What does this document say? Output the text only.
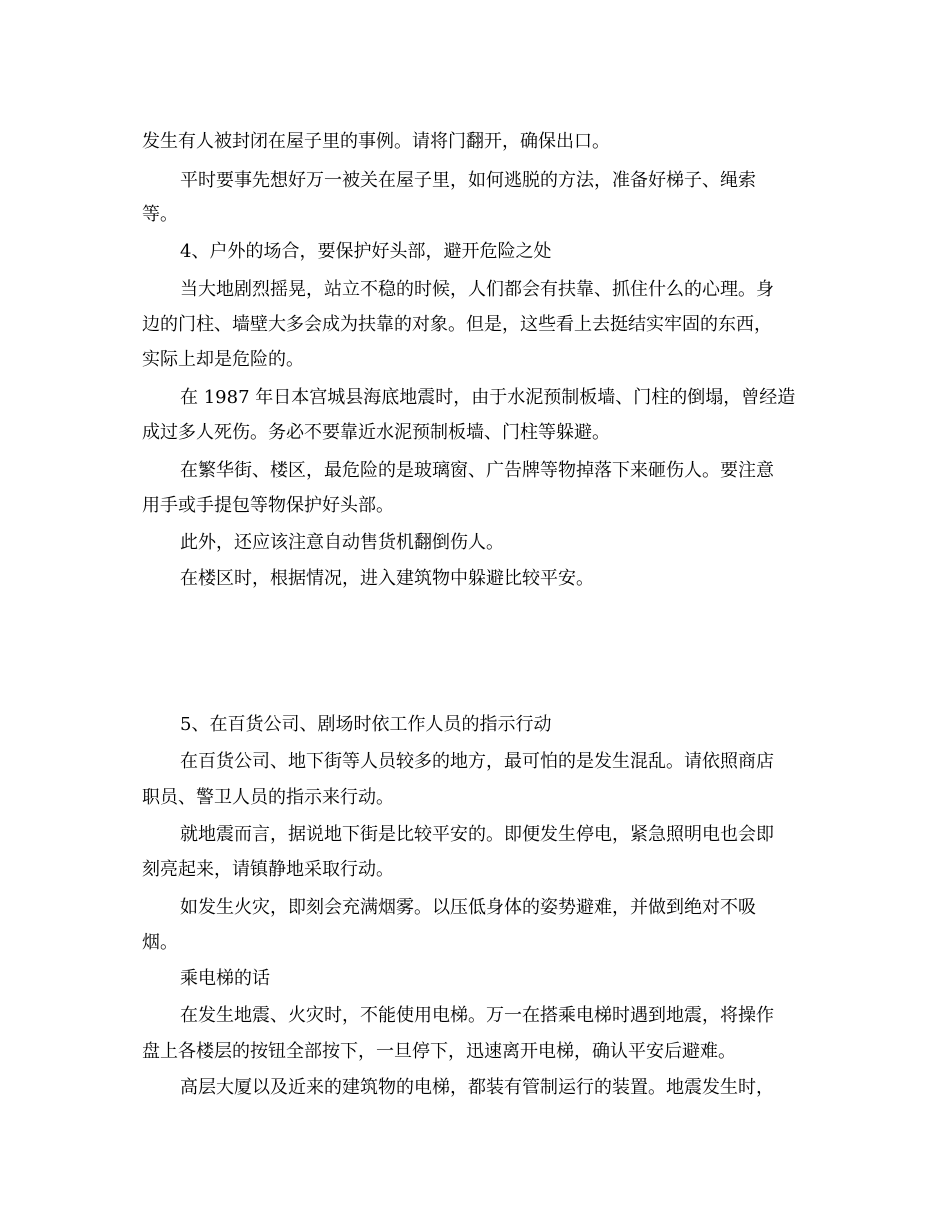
发生有人被封闭在屋子里的事例。请将门翻开，确保出口。
平时要事先想好万一被关在屋子里，如何逃脱的方法，准备好梯子、绳索
等。
4、户外的场合，要保护好头部，避开危险之处
当大地剧烈摇晃，站立不稳的时候，人们都会有扶靠、抓住什么的心理。身
边的门柱、墙壁大多会成为扶靠的对象。但是，这些看上去挺结实牢固的东西，
实际上却是危险的。
在 1987 年日本宫城县海底地震时，由于水泥预制板墙、门柱的倒塌，曾经造
成过多人死伤。务必不要靠近水泥预制板墙、门柱等躲避。
在繁华街、楼区，最危险的是玻璃窗、广告牌等物掉落下来砸伤人。要注意
用手或手提包等物保护好头部。
此外，还应该注意自动售货机翻倒伤人。
在楼区时，根据情况，进入建筑物中躲避比较平安。
5、在百货公司、剧场时依工作人员的指示行动
在百货公司、地下街等人员较多的地方，最可怕的是发生混乱。请依照商店
职员、警卫人员的指示来行动。
就地震而言，据说地下街是比较平安的。即便发生停电，紧急照明电也会即
刻亮起来，请镇静地采取行动。
如发生火灾，即刻会充满烟雾。以压低身体的姿势避难，并做到绝对不吸
烟。
乘电梯的话
在发生地震、火灾时，不能使用电梯。万一在搭乘电梯时遇到地震，将操作
盘上各楼层的按钮全部按下，一旦停下，迅速离开电梯，确认平安后避难。
高层大厦以及近来的建筑物的电梯，都装有管制运行的装置。地震发生时，
